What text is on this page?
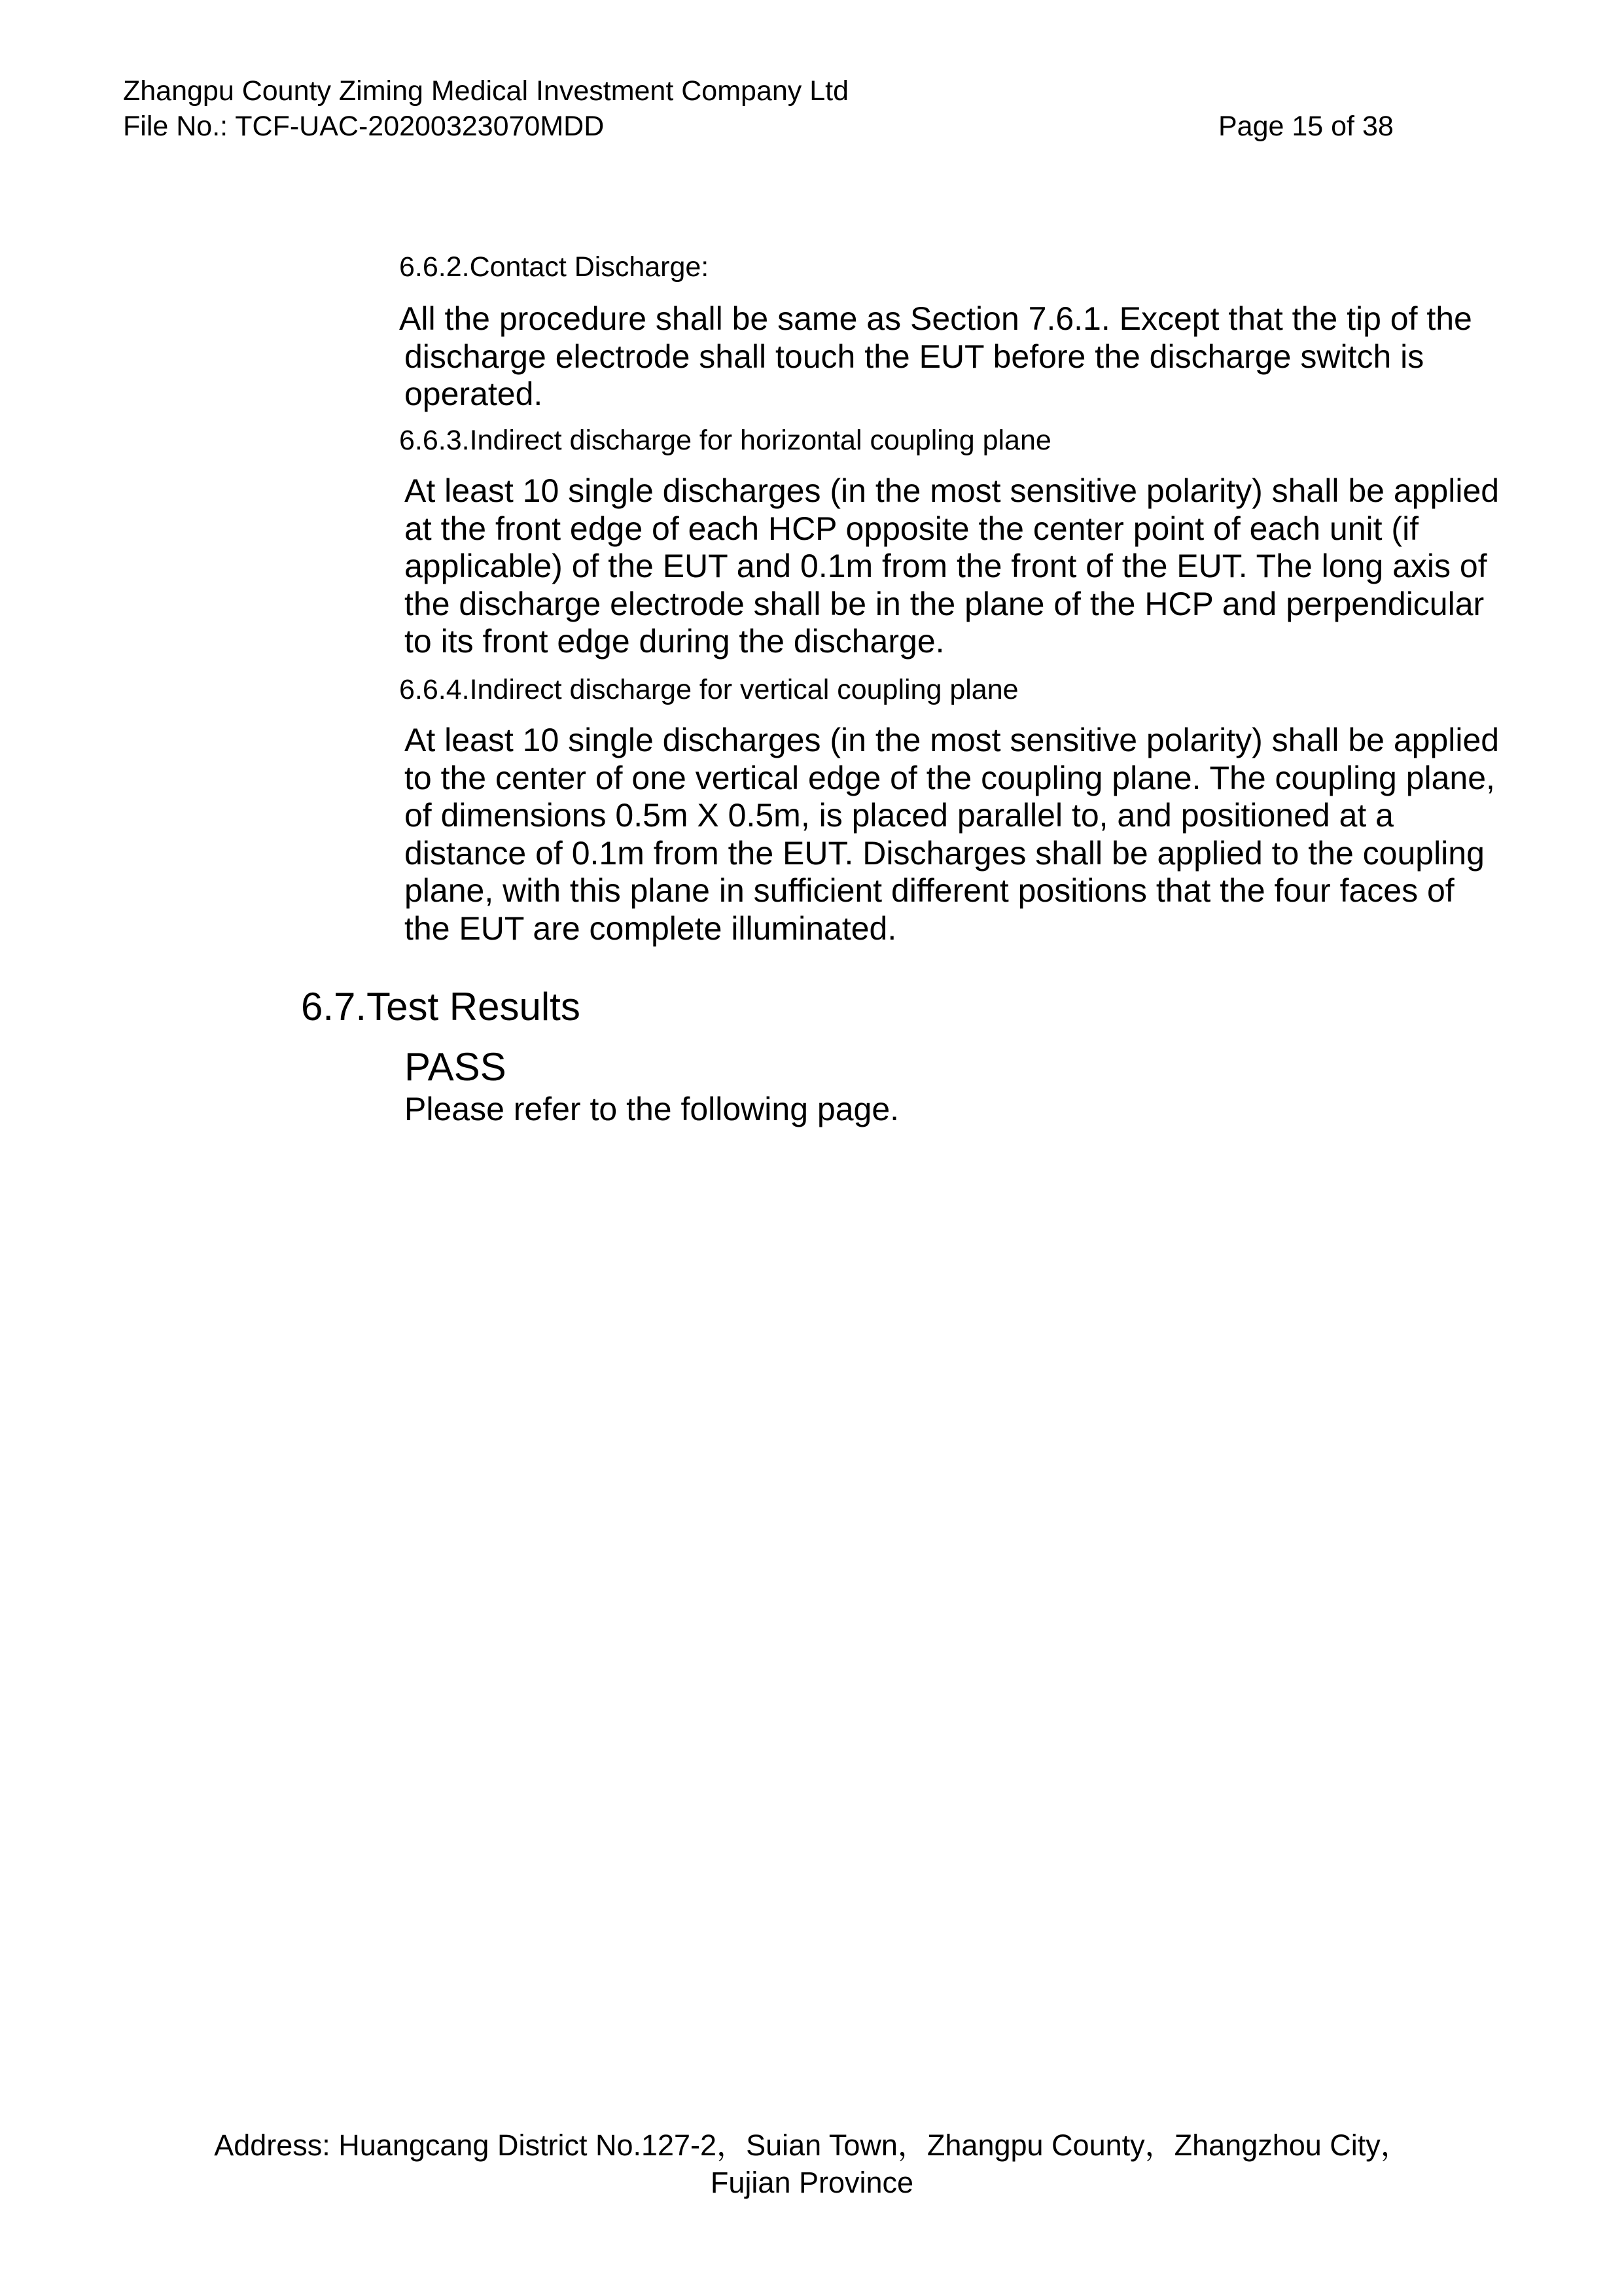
Zhangpu County Ziming Medical Investment Company Ltd
File No.: TCF-UAC-20200323070MDD	Page 15 of 38
6.6.2.Contact Discharge:
All the procedure shall be same as Section 7.6.1. Except that the tip of the
discharge electrode shall touch the EUT before the discharge switch is
operated.
6.6.3.Indirect discharge for horizontal coupling plane
At least 10 single discharges (in the most sensitive polarity) shall be applied
at the front edge of each HCP opposite the center point of each unit (if
applicable) of the EUT and 0.1m from the front of the EUT. The long axis of
the discharge electrode shall be in the plane of the HCP and perpendicular
to its front edge during the discharge.
6.6.4.Indirect discharge for vertical coupling plane
At least 10 single discharges (in the most sensitive polarity) shall be applied
to the center of one vertical edge of the coupling plane. The coupling plane,
of dimensions 0.5m X 0.5m, is placed parallel to, and positioned at a
distance of 0.1m from the EUT. Discharges shall be applied to the coupling
plane, with this plane in sufficient different positions that the four faces of
the EUT are complete illuminated.
6.7.Test Results
PASS
Please refer to the following page.
Address: Huangcang District No.127-2，Suian Town，Zhangpu County，Zhangzhou City，
Fujian Province
